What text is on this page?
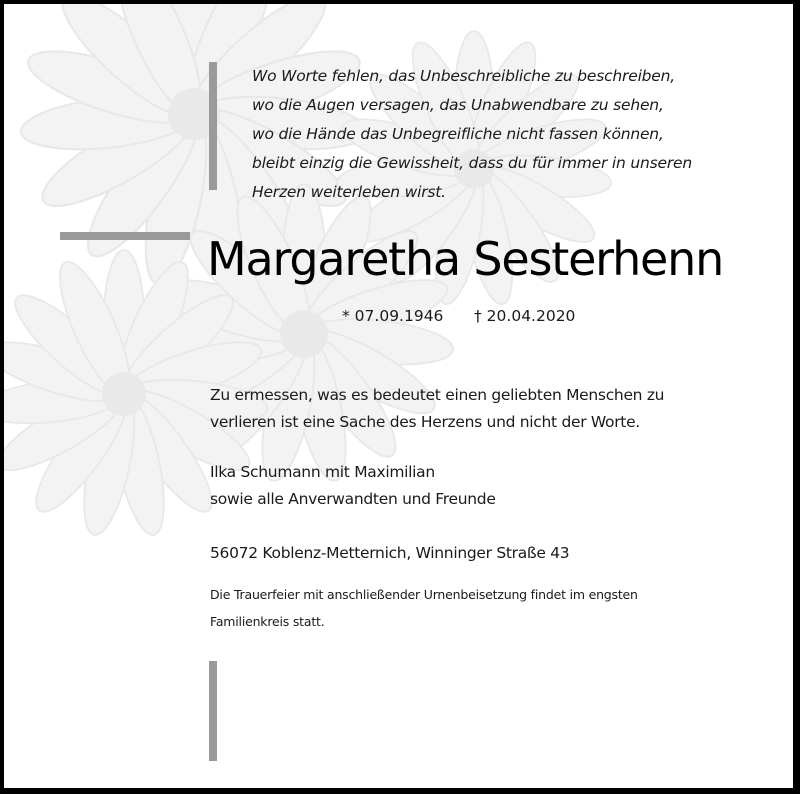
Wo Worte fehlen, das Unbeschreibliche zu beschreiben,
wo die Augen versagen, das Unabwendbare zu sehen,
wo die Hände das Unbegreifliche nicht fassen können,
bleibt einzig die Gewissheit, dass du für immer in unseren
Herzen weiterleben wirst.
Margaretha Sesterhenn
* 07.09.1946 † 20.04.2020
Zu ermessen, was es bedeutet einen geliebten Menschen zu
verlieren ist eine Sache des Herzens und nicht der Worte.
Ilka Schumann mit Maximilian
sowie alle Anverwandten und Freunde
56072 Koblenz-Metternich, Winninger Straße 43
Die Trauerfeier mit anschließender Urnenbeisetzung findet im engsten
Familienkreis statt.
